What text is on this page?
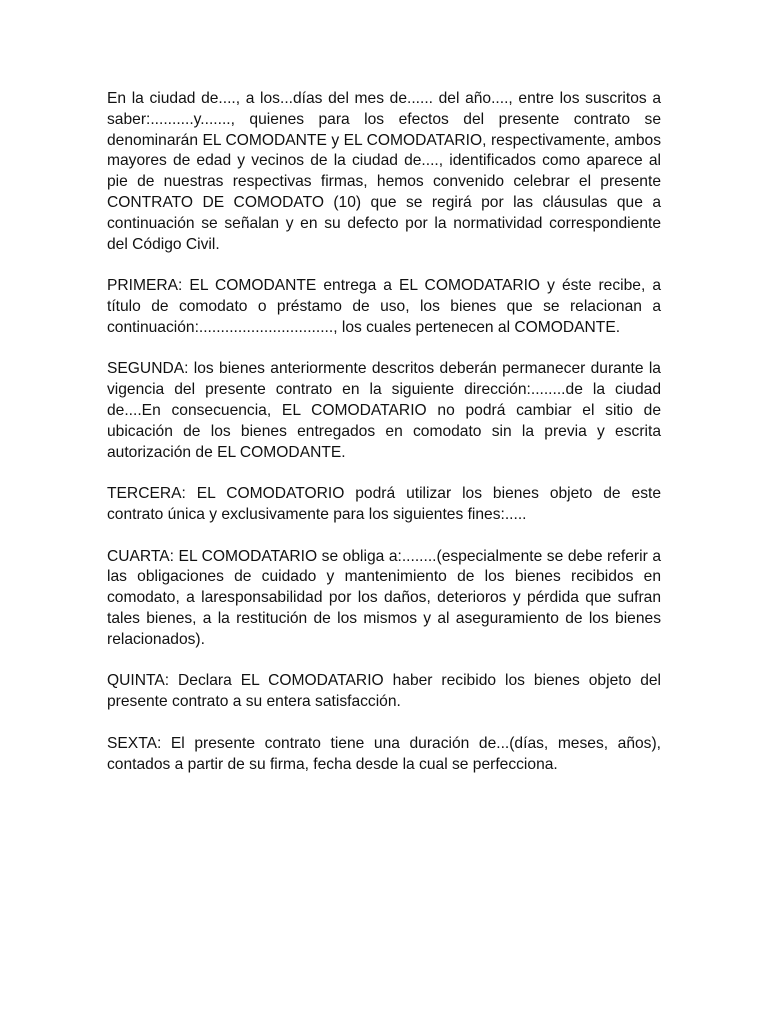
En la ciudad de...., a los...días del mes de...... del año...., entre los suscritos a saber:..........y......., quienes para los efectos del presente contrato se denominarán EL COMODANTE y EL COMODATARIO, respectivamente, ambos mayores de edad y vecinos de la ciudad de...., identificados como aparece al pie de nuestras respectivas firmas, hemos convenido celebrar el presente CONTRATO DE COMODATO (10) que se regirá por las cláusulas que a continuación se señalan y en su defecto por la normatividad correspondiente del Código Civil.

PRIMERA: EL COMODANTE entrega a EL COMODATARIO y éste recibe, a título de comodato o préstamo de uso, los bienes que se relacionan a continuación:..............................., los cuales pertenecen al COMODANTE.

SEGUNDA: los bienes anteriormente descritos deberán permanecer durante la vigencia del presente contrato en la siguiente dirección:........de la ciudad de....En consecuencia, EL COMODATARIO no podrá cambiar el sitio de ubicación de los bienes entregados en comodato sin la previa y escrita autorización de EL COMODANTE.

TERCERA: EL COMODATORIO podrá utilizar los bienes objeto de este contrato única y exclusivamente para los siguientes fines:.....

CUARTA: EL COMODATARIO se obliga a:........(especialmente se debe referir a las obligaciones de cuidado y mantenimiento de los bienes recibidos en comodato, a laresponsabilidad por los daños, deterioros y pérdida que sufran tales bienes, a la restitución de los mismos y al aseguramiento de los bienes relacionados).

QUINTA: Declara EL COMODATARIO haber recibido los bienes objeto del presente contrato a su entera satisfacción.

SEXTA: El presente contrato tiene una duración de...(días, meses, años), contados a partir de su firma, fecha desde la cual se perfecciona.
